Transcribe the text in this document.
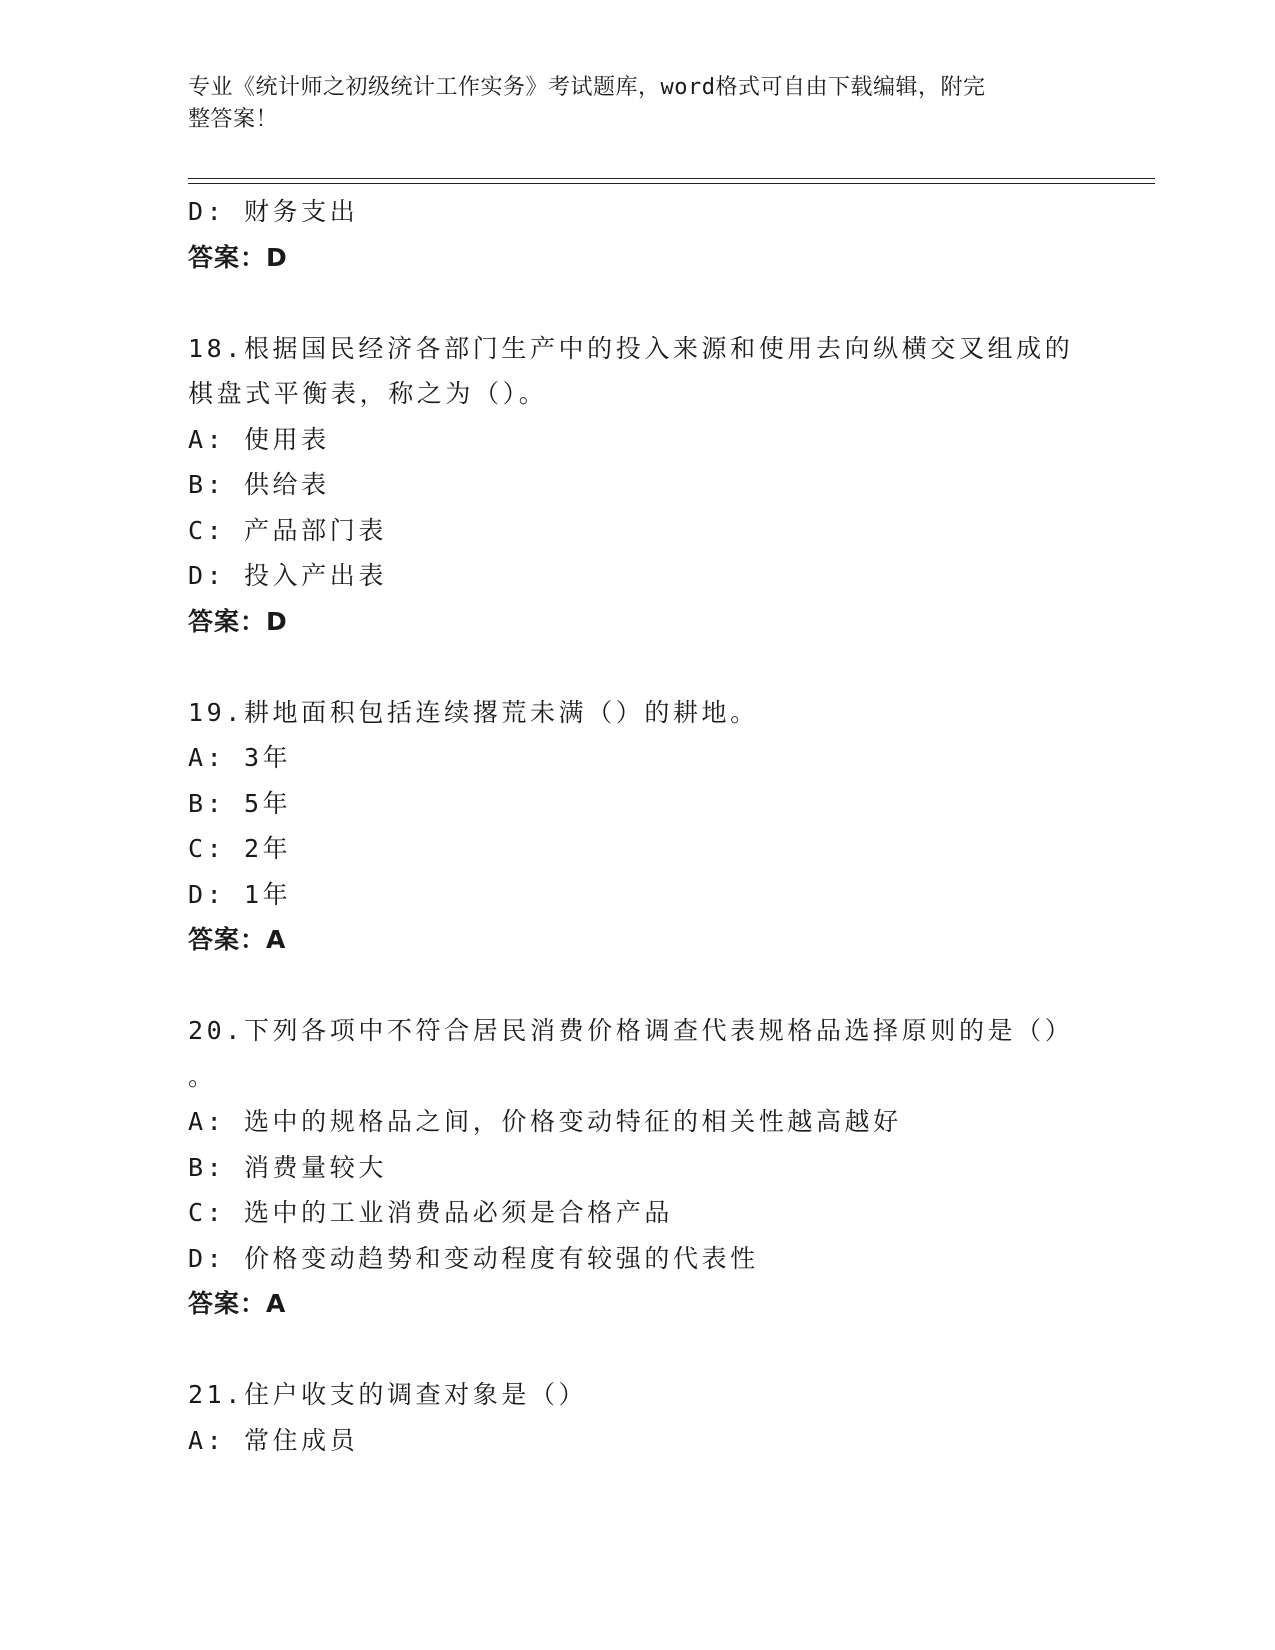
专业《统计师之初级统计工作实务》考试题库，word格式可自由下载编辑，附完
整答案！
D: 财务支出
答案：D
18.根据国民经济各部门生产中的投入来源和使用去向纵横交叉组成的
棋盘式平衡表，称之为（）。
A: 使用表
B: 供给表
C: 产品部门表
D: 投入产出表
答案：D
19.耕地面积包括连续撂荒未满（）的耕地。
A: 3年
B: 5年
C: 2年
D: 1年
答案：A
20.下列各项中不符合居民消费价格调查代表规格品选择原则的是（）
。
A: 选中的规格品之间，价格变动特征的相关性越高越好
B: 消费量较大
C: 选中的工业消费品必须是合格产品
D: 价格变动趋势和变动程度有较强的代表性
答案：A
21.住户收支的调查对象是（）
A: 常住成员
